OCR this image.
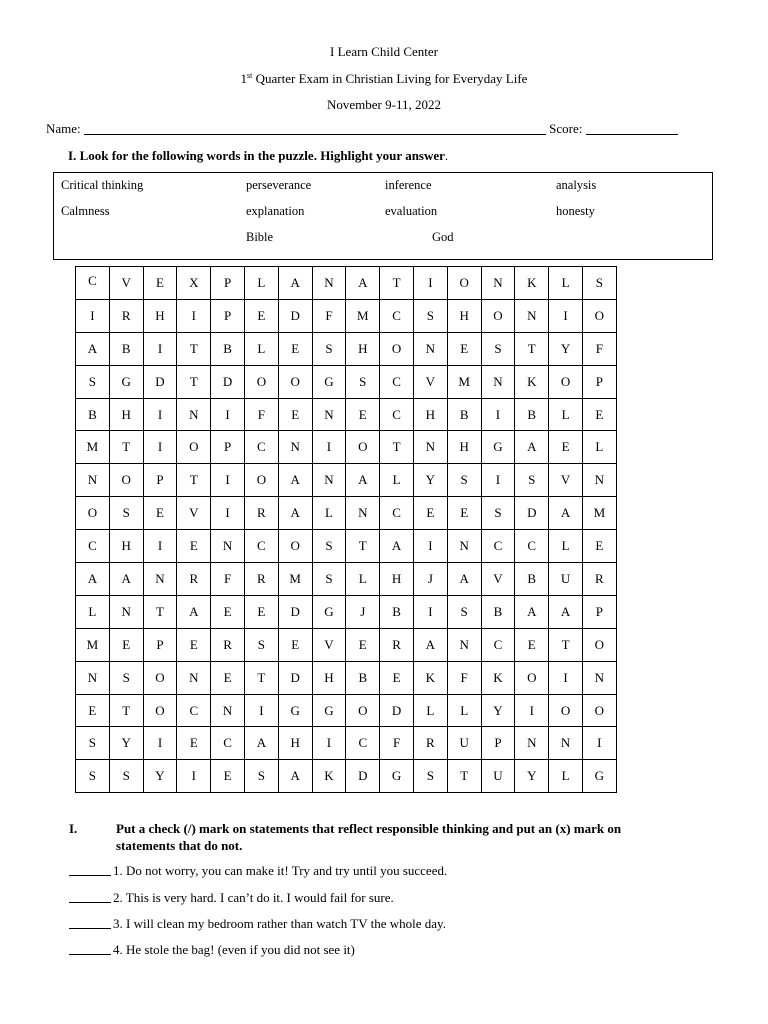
I Learn Child Center
1st Quarter Exam in Christian Living for Everyday Life
November 9-11, 2022
Name:	Score:
I. Look for the following words in the puzzle. Highlight your answer.
Critical thinking	perseverance	inference	analysis
Calmness	explanation	evaluation	honesty
Bible	God
C	V	E	X	P	L	A	N	A	T	I	O	N	K	L	S
I	R	H	I	P	E	D	F	M	C	S	H	O	N	I	O
A	B	I	T	B	L	E	S	H	O	N	E	S	T	Y	F
S	G	D	T	D	O	O	G	S	C	V	M	N	K	O	P
B	H	I	N	I	F	E	N	E	C	H	B	I	B	L	E
M	T	I	O	P	C	N	I	O	T	N	H	G	A	E	L
N	O	P	T	I	O	A	N	A	L	Y	S	I	S	V	N
O	S	E	V	I	R	A	L	N	C	E	E	S	D	A	M
C	H	I	E	N	C	O	S	T	A	I	N	C	C	L	E
A	A	N	R	F	R	M	S	L	H	J	A	V	B	U	R
L	N	T	A	E	E	D	G	J	B	I	S	B	A	A	P
M	E	P	E	R	S	E	V	E	R	A	N	C	E	T	O
N	S	O	N	E	T	D	H	B	E	K	F	K	O	I	N
E	T	O	C	N	I	G	G	O	D	L	L	Y	I	O	O
S	Y	I	E	C	A	H	I	C	F	R	U	P	N	N	I
S	S	Y	I	E	S	A	K	D	G	S	T	U	Y	L	G
I.	Put a check (/) mark on statements that reflect responsible thinking and put an (x) mark on
statements that do not.
1. Do not worry, you can make it! Try and try until you succeed.
2. This is very hard. I can’t do it. I would fail for sure.
3. I will clean my bedroom rather than watch TV the whole day.
4. He stole the bag! (even if you did not see it)
